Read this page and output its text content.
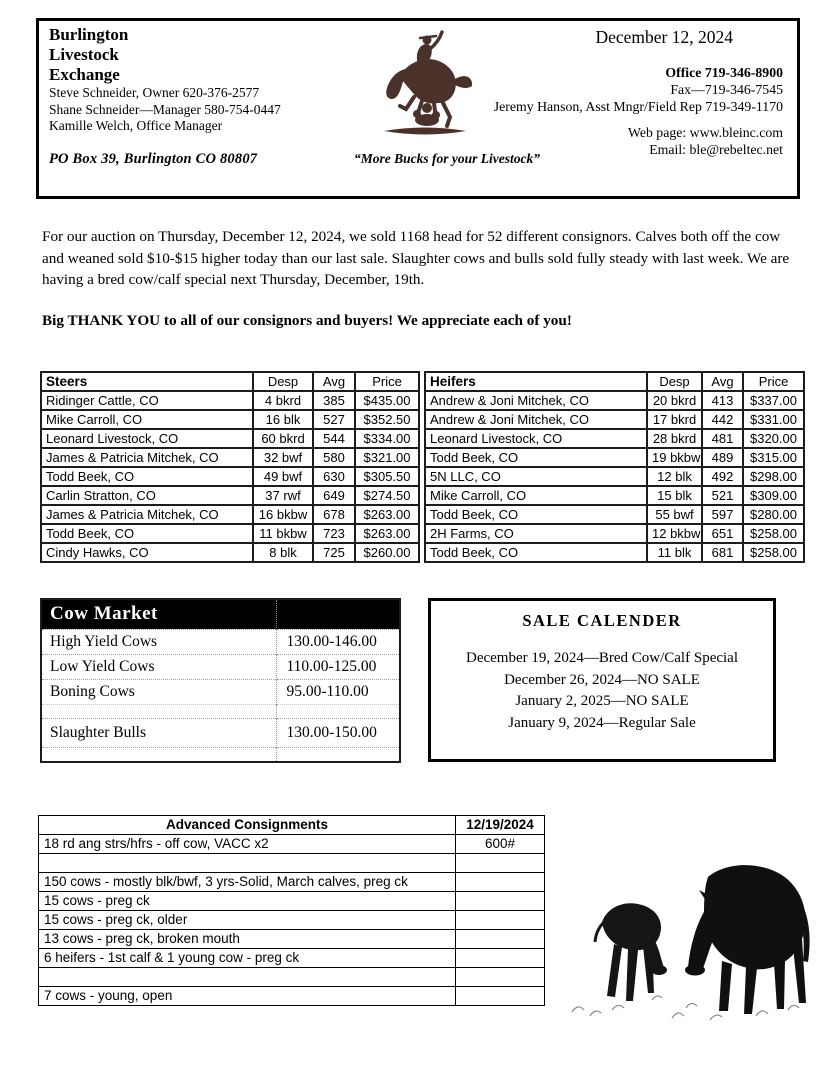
Burlington
Livestock
Exchange
Steve Schneider, Owner 620-376-2577
Shane Schneider—Manager 580-754-0447
Kamille Welch, Office Manager
PO Box 39, Burlington CO 80807	“More Bucks for your Livestock”
December 12, 2024
Office 719-346-8900
Fax—719-346-7545
Jeremy Hanson, Asst Mngr/Field Rep 719-349-1170
Web page: www.bleinc.com
Email: ble@rebeltec.net
For our auction on Thursday, December 12, 2024, we sold 1168 head for 52 different consignors. Calves both off the cow and weaned sold $10-$15 higher today than our last sale. Slaughter cows and bulls sold fully steady with last week. We are having a bred cow/calf special next Thursday, December, 19th.
Big THANK YOU to all of our consignors and buyers! We appreciate each of you!
Steers	Desp	Avg	Price
Ridinger Cattle, CO	4 bkrd	385	$435.00
Mike Carroll, CO	16 blk	527	$352.50
Leonard Livestock, CO	60 bkrd	544	$334.00
James & Patricia Mitchek, CO	32 bwf	580	$321.00
Todd Beek, CO	49 bwf	630	$305.50
Carlin Stratton, CO	37 rwf	649	$274.50
James & Patricia Mitchek, CO	16 bkbw	678	$263.00
Todd Beek, CO	11 bkbw	723	$263.00
Cindy Hawks, CO	8 blk	725	$260.00
Heifers	Desp	Avg	Price
Andrew & Joni Mitchek, CO	20 bkrd	413	$337.00
Andrew & Joni Mitchek, CO	17 bkrd	442	$331.00
Leonard Livestock, CO	28 bkrd	481	$320.00
Todd Beek, CO	19 bkbw	489	$315.00
5N LLC, CO	12 blk	492	$298.00
Mike Carroll, CO	15 blk	521	$309.00
Todd Beek, CO	55 bwf	597	$280.00
2H Farms, CO	12 bkbw	651	$258.00
Todd Beek, CO	11 blk	681	$258.00
Cow Market	
High Yield Cows	130.00-146.00
Low Yield Cows	110.00-125.00
Boning Cows	95.00-110.00

Slaughter Bulls	130.00-150.00

SALE CALENDER
December 19, 2024—Bred Cow/Calf Special
December 26, 2024—NO SALE
January 2, 2025—NO SALE
January 9, 2024—Regular Sale
Advanced Consignments	12/19/2024
18 rd ang strs/hfrs - off cow, VACC x2	600#

150 cows - mostly blk/bwf, 3 yrs-Solid, March calves, preg ck	
15 cows - preg ck	
15 cows - preg ck, older	
13 cows - preg ck, broken mouth	
6 heifers - 1st calf & 1 young cow - preg ck	

7 cows - young, open	
